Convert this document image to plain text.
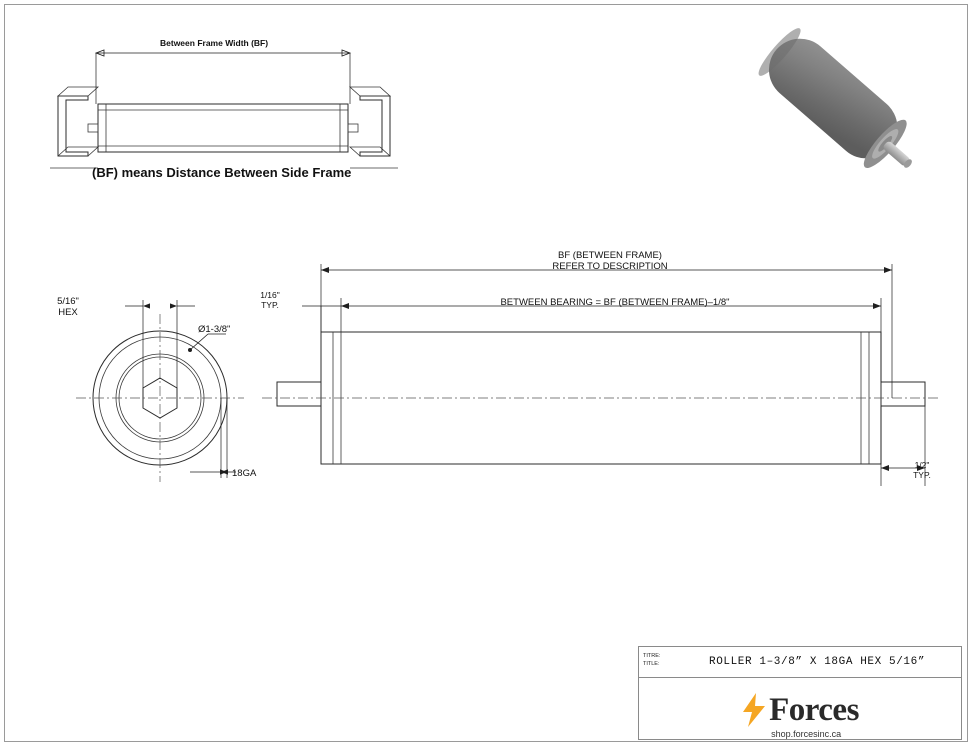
Between Frame Width (BF)
(BF) means Distance Between Side Frame
5/16"
HEX
Ø1-3/8"
18GA
BF (BETWEEN FRAME)
REFER TO DESCRIPTION
BETWEEN BEARING = BF (BETWEEN FRAME)–1/8"
1/16"
TYP.
1/2"
TYP.
TITRE:
TITLE:	ROLLER 1–3/8” X 18GA HEX 5/16”
Forces
shop.forcesinc.ca
